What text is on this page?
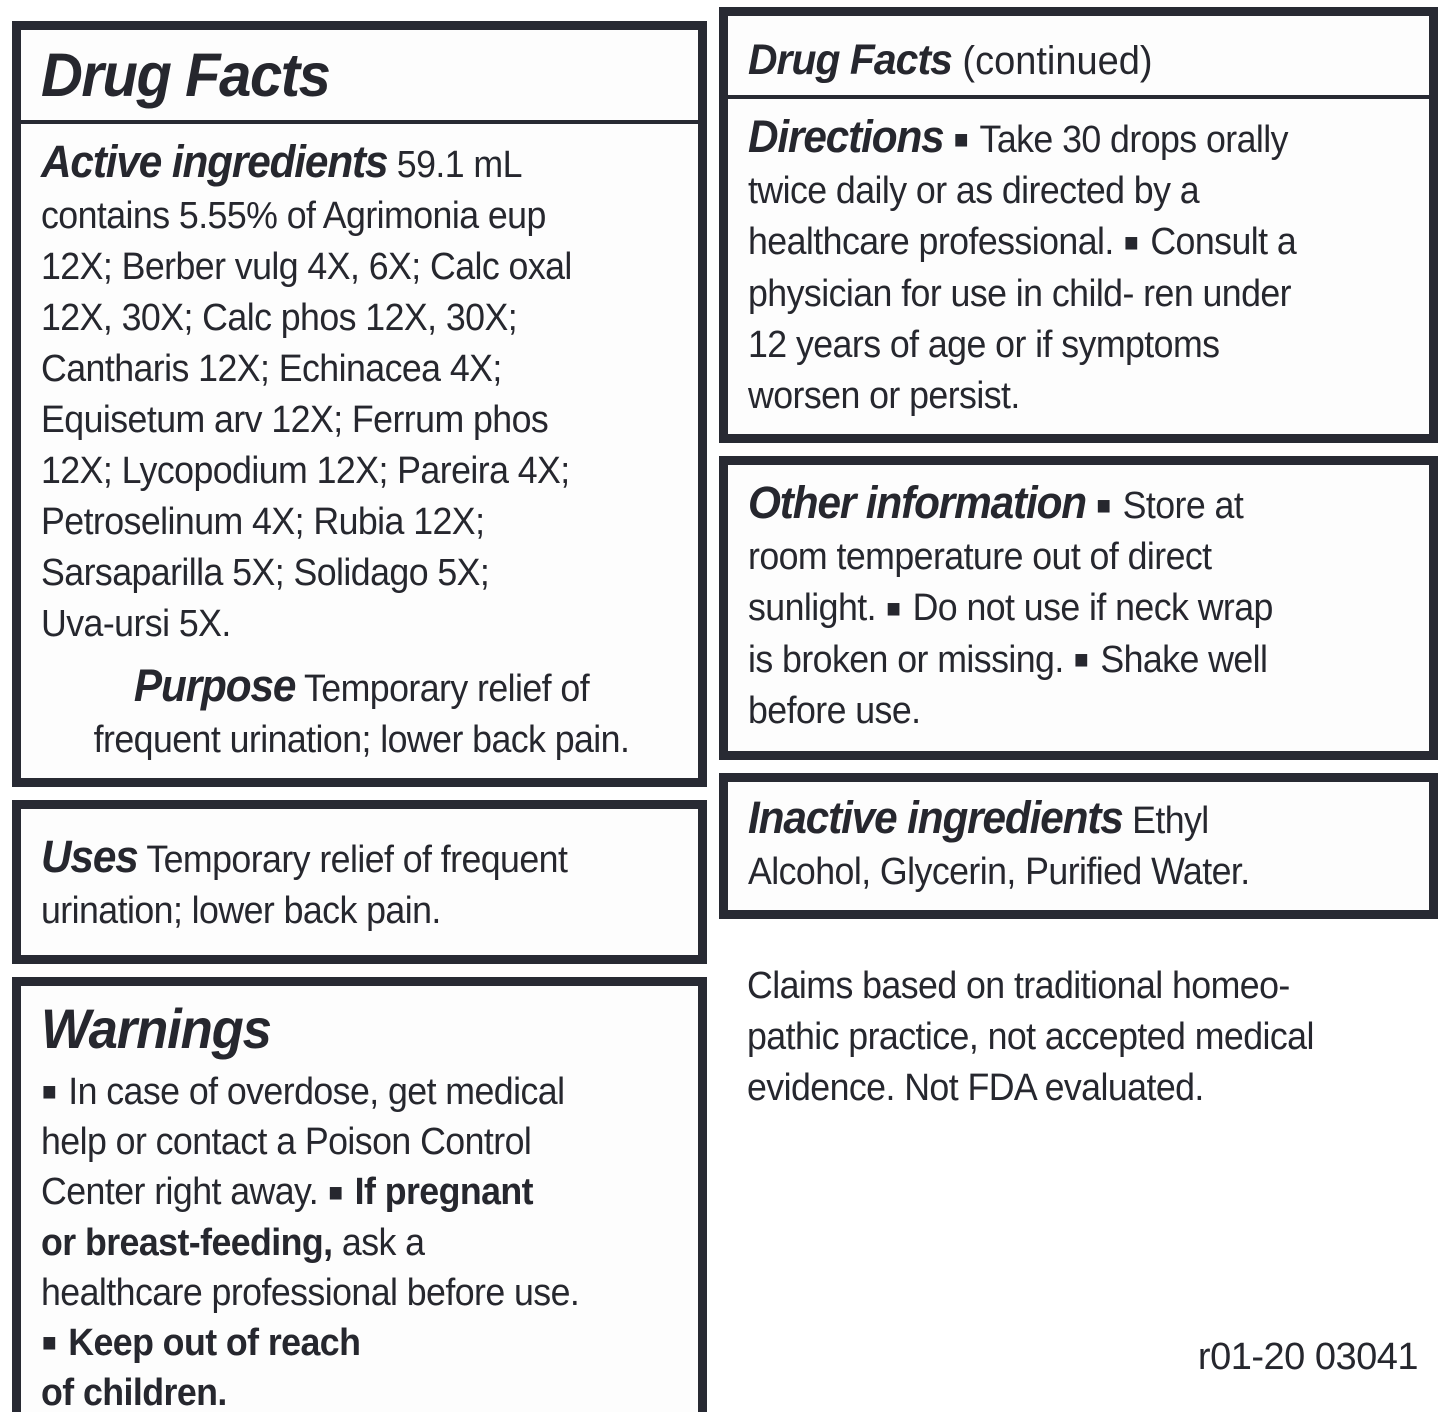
Drug Facts

Active ingredients 59.1 mL
contains 5.55% of Agrimonia eup
12X; Berber vulg 4X, 6X; Calc oxal
12X, 30X; Calc phos 12X, 30X;
Cantharis 12X; Echinacea 4X;
Equisetum arv 12X; Ferrum phos
12X; Lycopodium 12X; Pareira 4X;
Petroselinum 4X; Rubia 12X;
Sarsaparilla 5X; Solidago 5X;
Uva-ursi 5X.

Purpose Temporary relief of
frequent urination; lower back pain.

Uses Temporary relief of frequent
urination; lower back pain.

Warnings

■ In case of overdose, get medical
help or contact a Poison Control
Center right away. ■ If pregnant
or breast-feeding, ask a
healthcare professional before use.
■ Keep out of reach
of children.

Drug Facts (continued)

Directions ■ Take 30 drops orally
twice daily or as directed by a
healthcare professional. ■ Consult a
physician for use in child- ren under
12 years of age or if symptoms
worsen or persist.

Other information ■ Store at
room temperature out of direct
sunlight. ■ Do not use if neck wrap
is broken or missing. ■ Shake well
before use.

Inactive ingredients Ethyl
Alcohol, Glycerin, Purified Water.

Claims based on traditional homeo-
pathic practice, not accepted medical
evidence. Not FDA evaluated.

r01-20 03041
